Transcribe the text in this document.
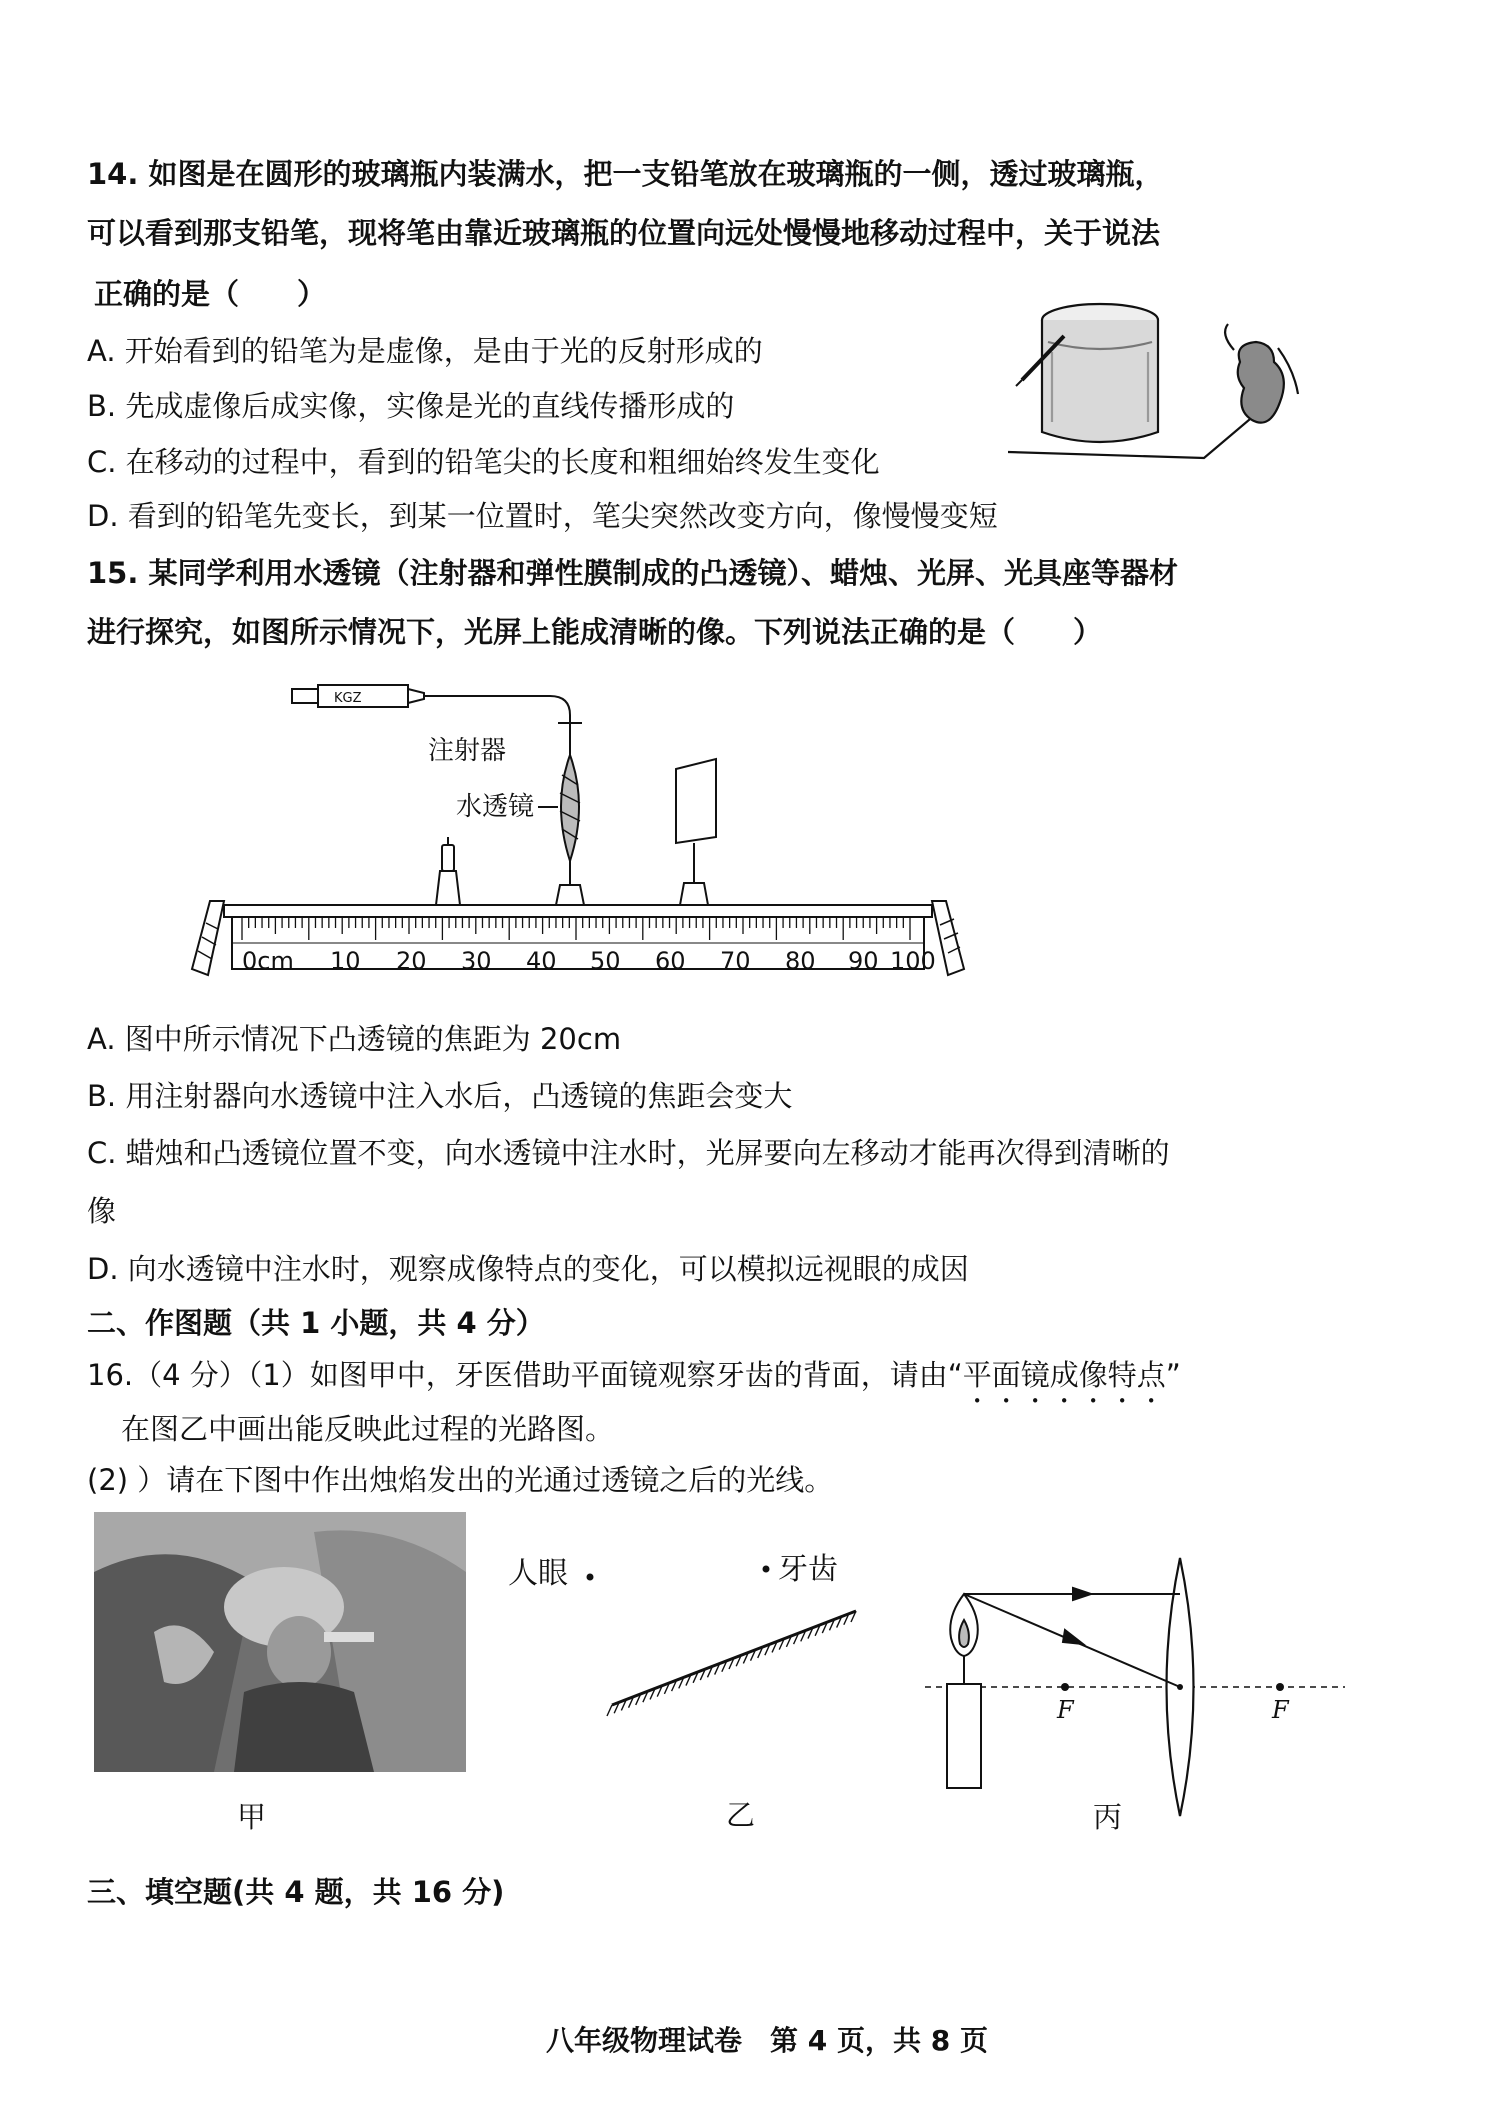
14. 如图是在圆形的玻璃瓶内装满水，把一支铅笔放在玻璃瓶的一侧，透过玻璃瓶，
可以看到那支铅笔，现将笔由靠近玻璃瓶的位置向远处慢慢地移动过程中，关于说法
正确的是（　　）
A. 开始看到的铅笔为是虚像，是由于光的反射形成的
B. 先成虚像后成实像，实像是光的直线传播形成的
C. 在移动的过程中，看到的铅笔尖的长度和粗细始终发生变化
D. 看到的铅笔先变长，到某一位置时，笔尖突然改变方向，像慢慢变短
15. 某同学利用水透镜（注射器和弹性膜制成的凸透镜）、蜡烛、光屏、光具座等器材
进行探究，如图所示情况下，光屏上能成清晰的像。下列说法正确的是（　　）
0cm 10 20 30 40 50 60 70 80 90 100
注射器
水透镜
KGZ
A. 图中所示情况下凸透镜的焦距为 20cm
B. 用注射器向水透镜中注入水后，凸透镜的焦距会变大
C. 蜡烛和凸透镜位置不变，向水透镜中注水时，光屏要向左移动才能再次得到清晰的
像
D. 向水透镜中注水时，观察成像特点的变化，可以模拟远视眼的成因
二、作图题（共 1 小题，共 4 分）
16.（4 分）（1）如图甲中，牙医借助平面镜观察牙齿的背面，请由“平面镜成像特点”
在图乙中画出能反映此过程的光路图。
(2) ）请在下图中作出烛焰发出的光通过透镜之后的光线。
人眼	牙齿
F	F
甲	乙	丙
三、填空题(共 4 题，共 16 分)
八年级物理试卷　第 4 页，共 8 页
